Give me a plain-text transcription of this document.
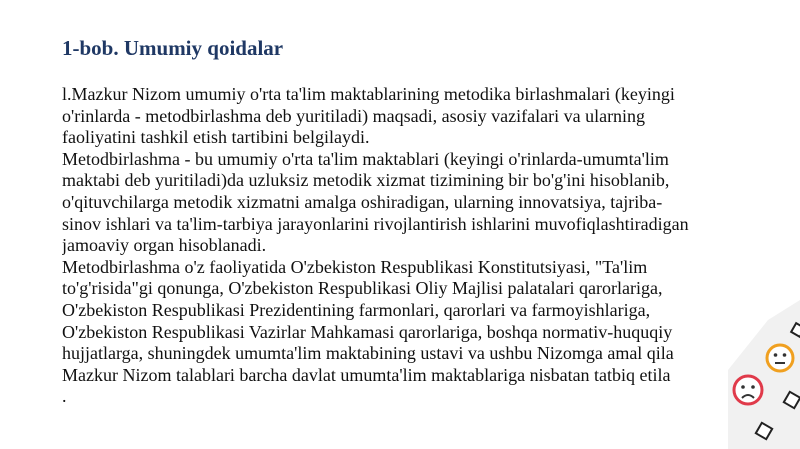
1-bob. Umumiy qoidalar
l.Mazkur Nizom umumiy o'rta ta'lim maktablarining metodika birlashmalari (keyingi
o'rinlarda - metodbirlashma deb yuritiladi) maqsadi, asosiy vazifalari va ularning
faoliyatini tashkil etish tartibini belgilaydi.
Metodbirlashma - bu umumiy o'rta ta'lim maktablari (keyingi o'rinlarda-umumta'lim
maktabi deb yuritiladi)da uzluksiz metodik xizmat tizimining bir bo'g'ini hisoblanib,
o'qituvchilarga metodik xizmatni amalga oshiradigan, ularning innovatsiya, tajriba-
sinov ishlari va ta'lim-tarbiya jarayonlarini rivojlantirish ishlarini muvofiqlashtiradigan
jamoaviy organ hisoblanadi.
Metodbirlashma o'z faoliyatida O'zbekiston Respublikasi Konstitutsiyasi, "Ta'lim
to'g'risida"gi qonunga, O'zbekiston Respublikasi Oliy Majlisi palatalari qarorlariga,
O'zbekiston Respublikasi Prezidentining farmonlari, qarorlari va farmoyishlariga,
O'zbekiston Respublikasi Vazirlar Mahkamasi qarorlariga, boshqa normativ-huquqiy
hujjatlarga, shuningdek umumta'lim maktabining ustavi va ushbu Nizomga amal qila
Mazkur Nizom talablari barcha davlat umumta'lim maktablariga nisbatan tatbiq etila
.
